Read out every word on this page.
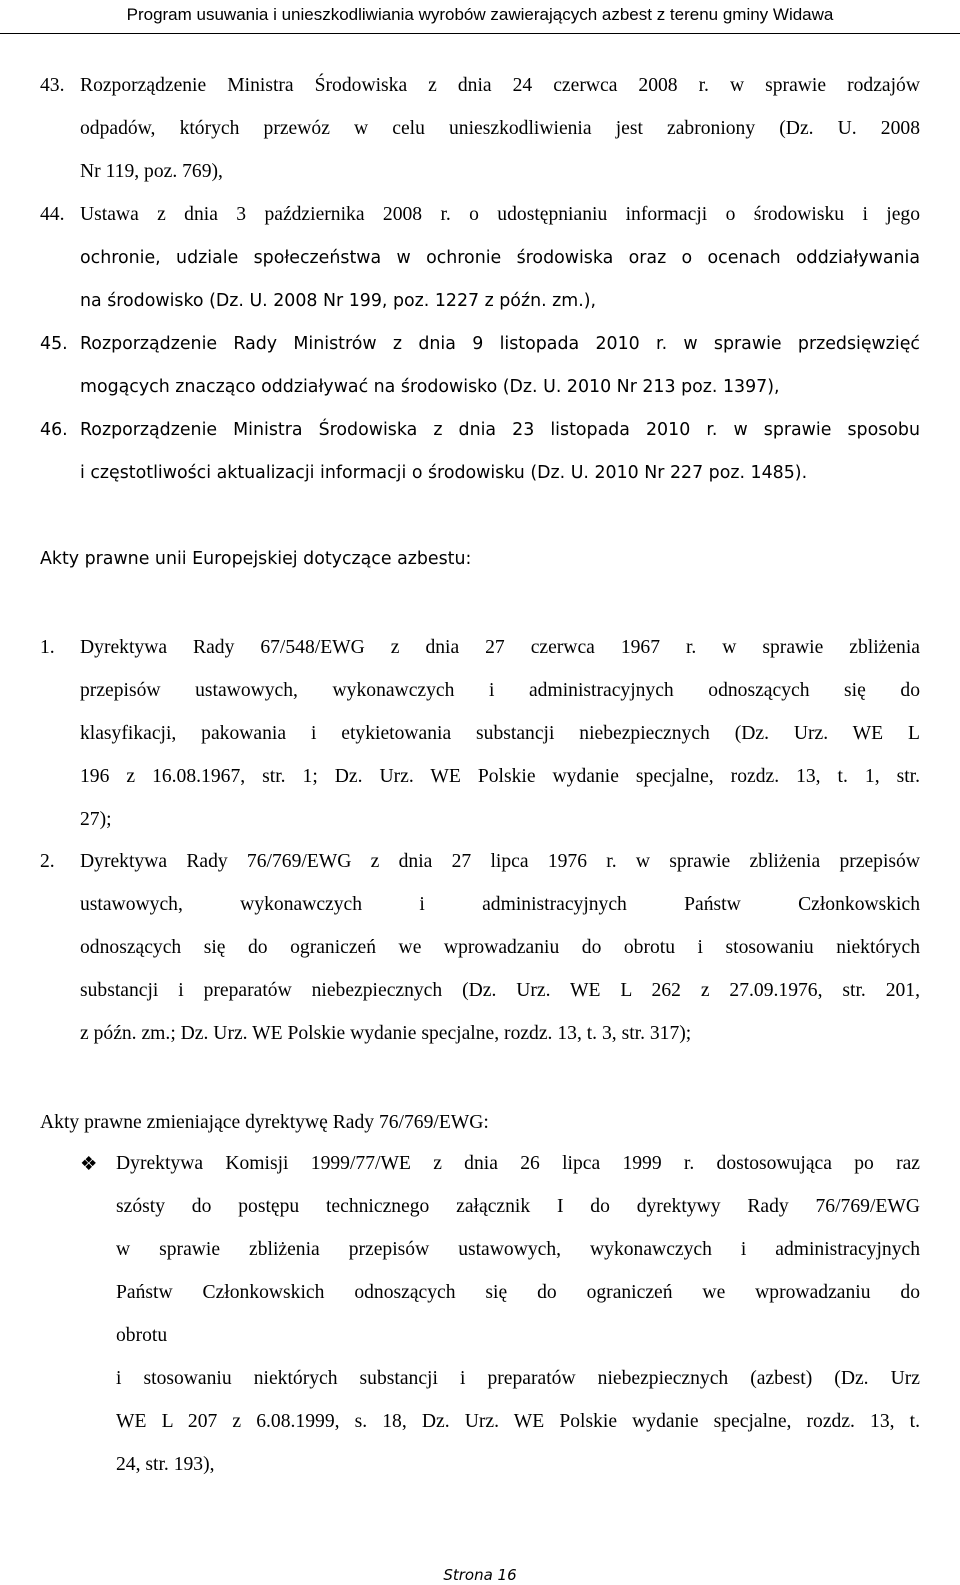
Program usuwania i unieszkodliwiania wyrobów zawierających azbest z terenu gminy Widawa
43. Rozporządzenie Ministra Środowiska z dnia 24 czerwca 2008 r. w sprawie rodzajów
odpadów, których przewóz w celu unieszkodliwienia jest zabroniony (Dz. U. 2008
Nr 119, poz. 769),
44. Ustawa z dnia 3 października 2008 r. o udostępnianiu informacji o środowisku i jego
ochronie, udziale społeczeństwa w ochronie środowiska oraz o ocenach oddziaływania
na środowisko (Dz. U. 2008 Nr 199, poz. 1227 z późn. zm.),
45. Rozporządzenie Rady Ministrów z dnia 9 listopada 2010 r. w sprawie przedsięwzięć
mogących znacząco oddziaływać na środowisko (Dz. U. 2010 Nr 213 poz. 1397),
46. Rozporządzenie Ministra Środowiska z dnia 23 listopada 2010 r. w sprawie sposobu
i częstotliwości aktualizacji informacji o środowisku (Dz. U. 2010 Nr 227 poz. 1485).
Akty prawne unii Europejskiej dotyczące azbestu:
1.	Dyrektywa Rady 67/548/EWG z dnia 27 czerwca 1967 r. w sprawie zbliżenia
przepisów ustawowych, wykonawczych i administracyjnych odnoszących się do
klasyfikacji, pakowania i etykietowania substancji niebezpiecznych (Dz. Urz. WE L
196 z 16.08.1967, str. 1; Dz. Urz. WE Polskie wydanie specjalne, rozdz. 13, t. 1, str.
27);
2.	Dyrektywa Rady 76/769/EWG z dnia 27 lipca 1976 r. w sprawie zbliżenia przepisów
ustawowych, wykonawczych i administracyjnych Państw Członkowskich
odnoszących się do ograniczeń we wprowadzaniu do obrotu i stosowaniu niektórych
substancji i preparatów niebezpiecznych (Dz. Urz. WE L 262 z 27.09.1976, str. 201,
z późn. zm.; Dz. Urz. WE Polskie wydanie specjalne, rozdz. 13, t. 3, str. 317);
Akty prawne zmieniające dyrektywę Rady 76/769/EWG:
❖ Dyrektywa Komisji 1999/77/WE z dnia 26 lipca 1999 r. dostosowująca po raz
szósty do postępu technicznego załącznik I do dyrektywy Rady 76/769/EWG
w sprawie zbliżenia przepisów ustawowych, wykonawczych i administracyjnych
Państw Członkowskich odnoszących się do ograniczeń we wprowadzaniu do
obrotu
i stosowaniu niektórych substancji i preparatów niebezpiecznych (azbest) (Dz. Urz
WE L 207 z 6.08.1999, s. 18, Dz. Urz. WE Polskie wydanie specjalne, rozdz. 13, t.
24, str. 193),
Strona 16
